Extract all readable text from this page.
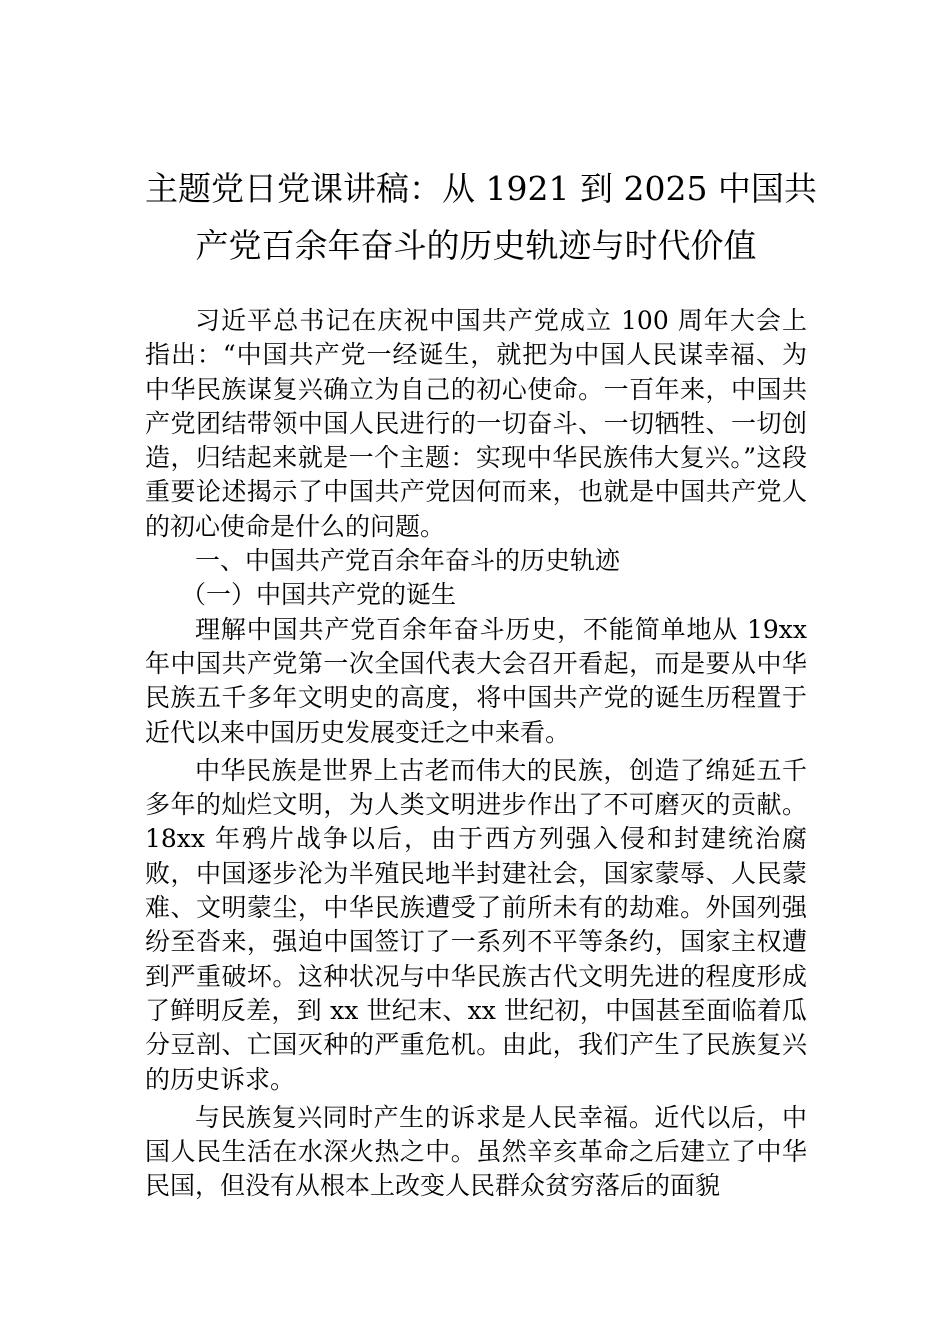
主题党日党课讲稿：从 1921 到 2025 中国共
产党百余年奋斗的历史轨迹与时代价值

习近平总书记在庆祝中国共产党成立 100 周年大会上指出：“中国共产党一经诞生，就把为中国人民谋幸福、为中华民族谋复兴确立为自己的初心使命。一百年来，中国共产党团结带领中国人民进行的一切奋斗、一切牺牲、一切创造，归结起来就是一个主题：实现中华民族伟大复兴。”这段重要论述揭示了中国共产党因何而来，也就是中国共产党人的初心使命是什么的问题。

一、中国共产党百余年奋斗的历史轨迹

（一）中国共产党的诞生

理解中国共产党百余年奋斗历史，不能简单地从 19xx 年中国共产党第一次全国代表大会召开看起，而是要从中华民族五千多年文明史的高度，将中国共产党的诞生历程置于近代以来中国历史发展变迁之中来看。

中华民族是世界上古老而伟大的民族，创造了绵延五千多年的灿烂文明，为人类文明进步作出了不可磨灭的贡献。18xx 年鸦片战争以后，由于西方列强入侵和封建统治腐败，中国逐步沦为半殖民地半封建社会，国家蒙辱、人民蒙难、文明蒙尘，中华民族遭受了前所未有的劫难。外国列强纷至沓来，强迫中国签订了一系列不平等条约，国家主权遭到严重破坏。这种状况与中华民族古代文明先进的程度形成了鲜明反差，到 xx 世纪末、xx 世纪初，中国甚至面临着瓜分豆剖、亡国灭种的严重危机。由此，我们产生了民族复兴的历史诉求。

与民族复兴同时产生的诉求是人民幸福。近代以后，中国人民生活在水深火热之中。虽然辛亥革命之后建立了中华民国，但没有从根本上改变人民群众贫穷落后的面貌
